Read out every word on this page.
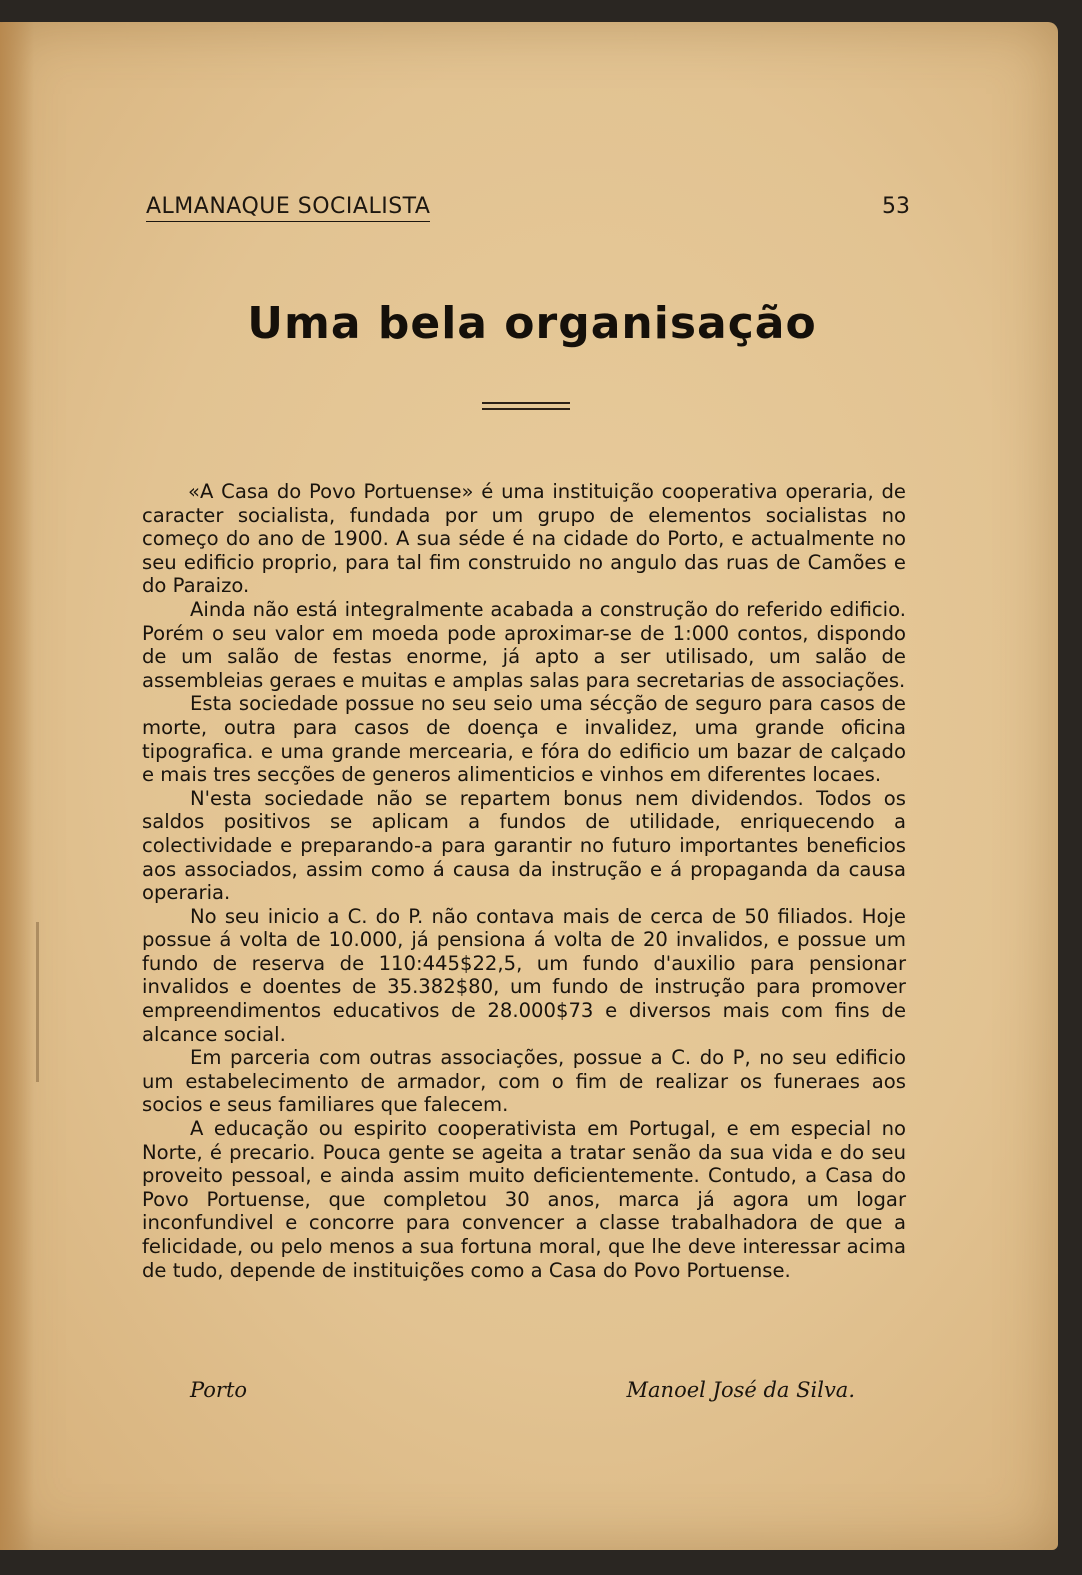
ALMANAQUE SOCIALISTA	53
Uma bela organisação

«A Casa do Povo Portuense» é uma instituição cooperativa operaria, de caracter socialista, fundada por um grupo de elementos socialistas no começo do ano de 1900. A sua séde é na cidade do Porto, e actualmente no seu edificio proprio, para tal fim construido no angulo das ruas de Camões e do Paraizo.

Ainda não está integralmente acabada a construção do referido edificio. Porém o seu valor em moeda pode aproximar-se de 1:000 contos, dispondo de um salão de festas enorme, já apto a ser utilisado, um salão de assembleias geraes e muitas e amplas salas para secretarias de associações.

Esta sociedade possue no seu seio uma sécção de seguro para casos de morte, outra para casos de doença e invalidez, uma grande oficina tipografica. e uma grande mercearia, e fóra do edificio um bazar de calçado e mais tres secções de generos alimenticios e vinhos em diferentes locaes.

N'esta sociedade não se repartem bonus nem dividendos. Todos os saldos positivos se aplicam a fundos de utilidade, enriquecendo a colectividade e preparando-a para garantir no futuro importantes beneficios aos associados, assim como á causa da instrução e á propaganda da causa operaria.

No seu inicio a C. do P. não contava mais de cerca de 50 filiados. Hoje possue á volta de 10.000, já pensiona á volta de 20 invalidos, e possue um fundo de reserva de 110:445$22,5, um fundo d'auxilio para pensionar invalidos e doentes de 35.382$80, um fundo de instrução para promover empreendimentos educativos de 28.000$73 e diversos mais com fins de alcance social.

Em parceria com outras associações, possue a C. do P, no seu edificio um estabelecimento de armador, com o fim de realizar os funeraes aos socios e seus familiares que falecem.

A educação ou espirito cooperativista em Portugal, e em especial no Norte, é precario. Pouca gente se ageita a tratar senão da sua vida e do seu proveito pessoal, e ainda assim muito deficientemente. Contudo, a Casa do Povo Portuense, que completou 30 anos, marca já agora um logar inconfundivel e concorre para convencer a classe trabalhadora de que a felicidade, ou pelo menos a sua fortuna moral, que lhe deve interessar acima de tudo, depende de instituições como a Casa do Povo Portuense.

Porto	Manoel José da Silva.
